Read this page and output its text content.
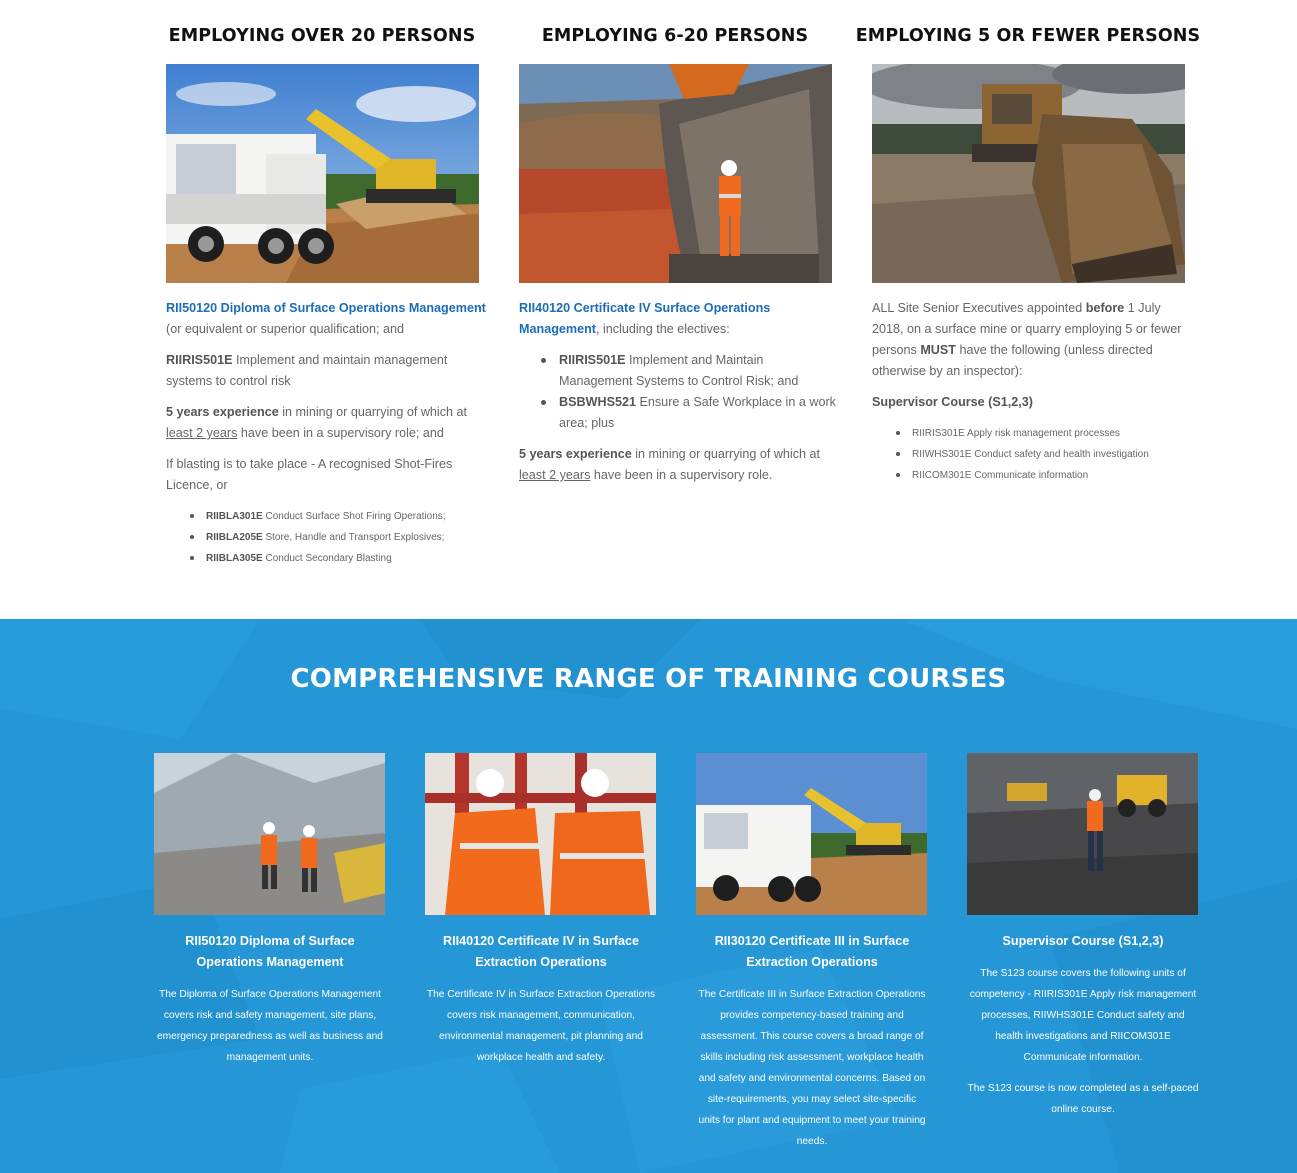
EMPLOYING OVER 20 PERSONS

RII50120 Diploma of Surface Operations Management
(or equivalent or superior qualification; and

RIIRIS501E Implement and maintain management systems to control risk

5 years experience in mining or quarrying of which at least 2 years have been in a supervisory role; and

If blasting is to take place - A recognised Shot-Fires Licence, or

RIIBLA301E Conduct Surface Shot Firing Operations;
RIIBLA205E Store, Handle and Transport Explosives;
RIIBLA305E Conduct Secondary Blasting
EMPLOYING 6-20 PERSONS

RII40120 Certificate IV Surface Operations Management, including the electives:

RIIRIS501E Implement and Maintain Management Systems to Control Risk; and
BSBWHS521 Ensure a Safe Workplace in a work area; plus

5 years experience in mining or quarrying of which at least 2 years have been in a supervisory role.

EMPLOYING 5 OR FEWER PERSONS

ALL Site Senior Executives appointed before 1 July 2018, on a surface mine or quarry employing 5 or fewer persons MUST have the following (unless directed otherwise by an inspector):

Supervisor Course (S1,2,3)

RIIRIS301E Apply risk management processes
RIIWHS301E Conduct safety and health investigation
RIICOM301E Communicate information
COMPREHENSIVE RANGE OF TRAINING COURSES
RII50120 Diploma of Surface Operations Management

The Diploma of Surface Operations Management covers risk and safety management, site plans, emergency preparedness as well as business and management units.

RII40120 Certificate IV in Surface Extraction Operations

The Certificate IV in Surface Extraction Operations covers risk management, communication, environmental management, pit planning and workplace health and safety.

RII30120 Certificate III in Surface Extraction Operations

The Certificate III in Surface Extraction Operations provides competency-based training and assessment. This course covers a broad range of skills including risk assessment, workplace health and safety and environmental concerns. Based on site-requirements, you may select site-specific units for plant and equipment to meet your training needs.

Supervisor Course (S1,2,3)

The S123 course covers the following units of competency - RIIRIS301E Apply risk management processes, RIIWHS301E Conduct safety and health investigations and RIICOM301E Communicate information.

The S123 course is now completed as a self-paced online course.
